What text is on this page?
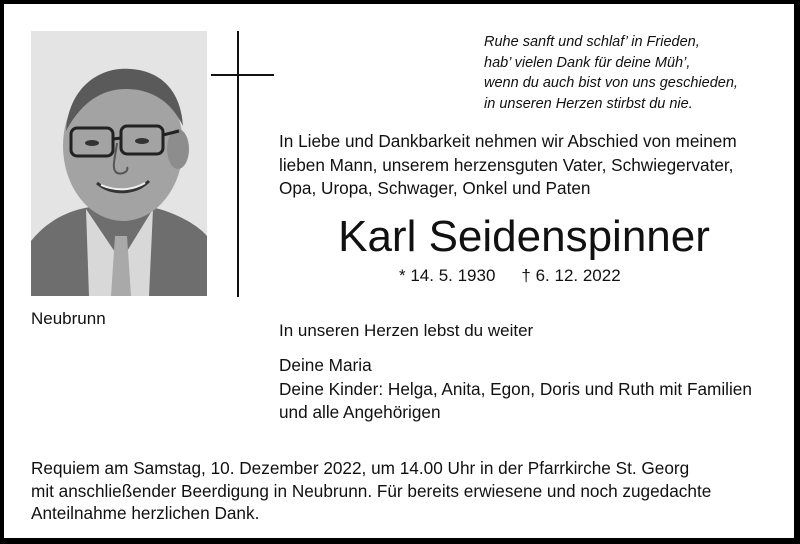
Ruhe sanft und schlaf’ in Frieden,
hab’ vielen Dank für deine Müh’,
wenn du auch bist von uns geschieden,
in unseren Herzen stirbst du nie.
In Liebe und Dankbarkeit nehmen wir Abschied von meinem
lieben Mann, unserem herzensguten Vater, Schwiegervater,
Opa, Uropa, Schwager, Onkel und Paten
Karl Seidenspinner
* 14. 5. 1930 † 6. 12. 2022
Neubrunn
In unseren Herzen lebst du weiter
Deine Maria
Deine Kinder: Helga, Anita, Egon, Doris und Ruth mit Familien
und alle Angehörigen
Requiem am Samstag, 10. Dezember 2022, um 14.00 Uhr in der Pfarrkirche St. Georg
mit anschließender Beerdigung in Neubrunn. Für bereits erwiesene und noch zugedachte
Anteilnahme herzlichen Dank.
